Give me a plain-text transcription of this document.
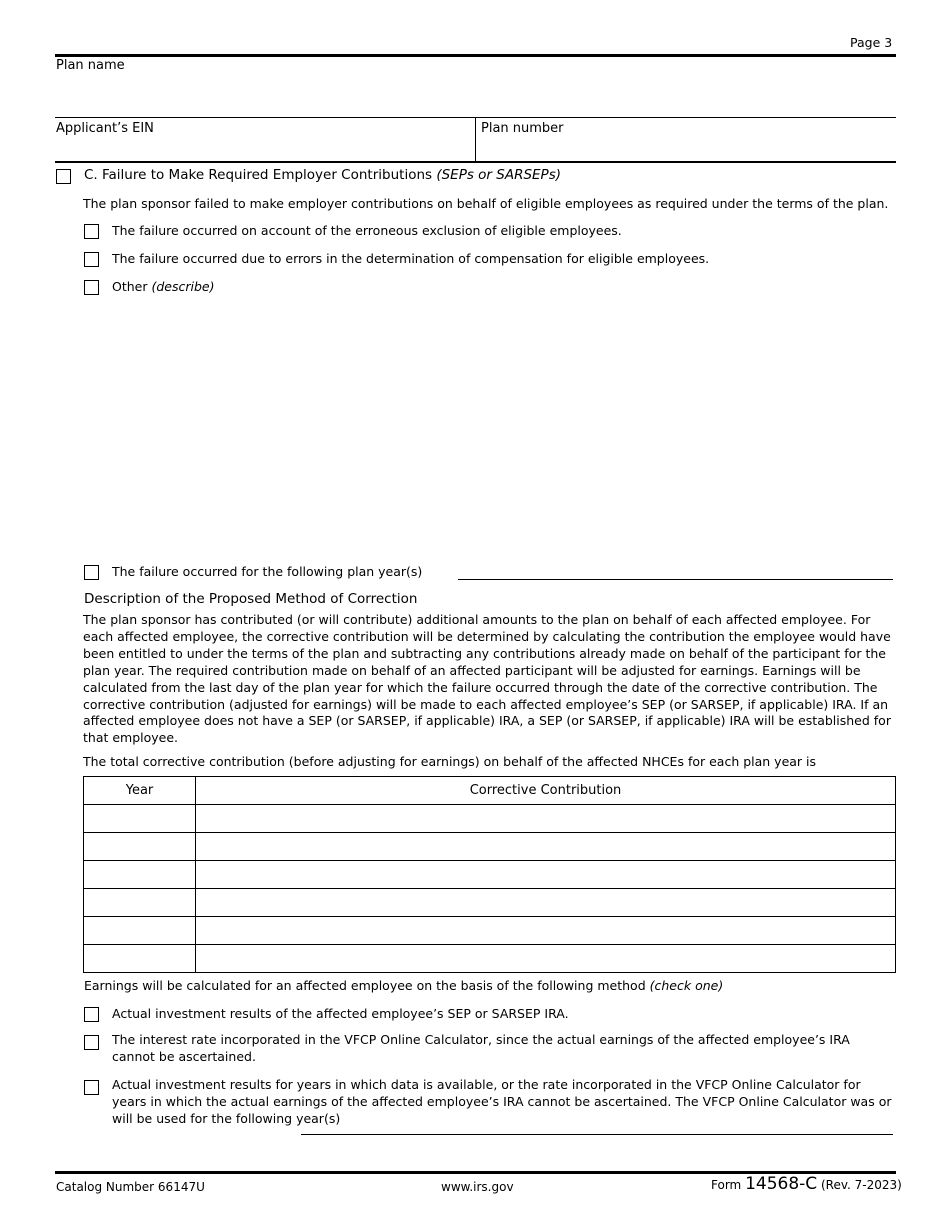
Page 3
Plan name
Applicant’s EIN	Plan number
C. Failure to Make Required Employer Contributions (SEPs or SARSEPs)
The plan sponsor failed to make employer contributions on behalf of eligible employees as required under the terms of the plan.
The failure occurred on account of the erroneous exclusion of eligible employees.
The failure occurred due to errors in the determination of compensation for eligible employees.
Other (describe)
The failure occurred for the following plan year(s)
Description of the Proposed Method of Correction
The plan sponsor has contributed (or will contribute) additional amounts to the plan on behalf of each affected employee. For each affected employee, the corrective contribution will be determined by calculating the contribution the employee would have been entitled to under the terms of the plan and subtracting any contributions already made on behalf of the participant for the plan year. The required contribution made on behalf of an affected participant will be adjusted for earnings. Earnings will be calculated from the last day of the plan year for which the failure occurred through the date of the corrective contribution. The corrective contribution (adjusted for earnings) will be made to each affected employee’s SEP (or SARSEP, if applicable) IRA. If an affected employee does not have a SEP (or SARSEP, if applicable) IRA, a SEP (or SARSEP, if applicable) IRA will be established for that employee.
The total corrective contribution (before adjusting for earnings) on behalf of the affected NHCEs for each plan year is
Year	Corrective Contribution

Earnings will be calculated for an affected employee on the basis of the following method (check one)
Actual investment results of the affected employee’s SEP or SARSEP IRA.
The interest rate incorporated in the VFCP Online Calculator, since the actual earnings of the affected employee’s IRA cannot be ascertained.
Actual investment results for years in which data is available, or the rate incorporated in the VFCP Online Calculator for years in which the actual earnings of the affected employee’s IRA cannot be ascertained. The VFCP Online Calculator was or will be used for the following year(s)
Catalog Number 66147U	www.irs.gov	Form 14568-C (Rev. 7-2023)
